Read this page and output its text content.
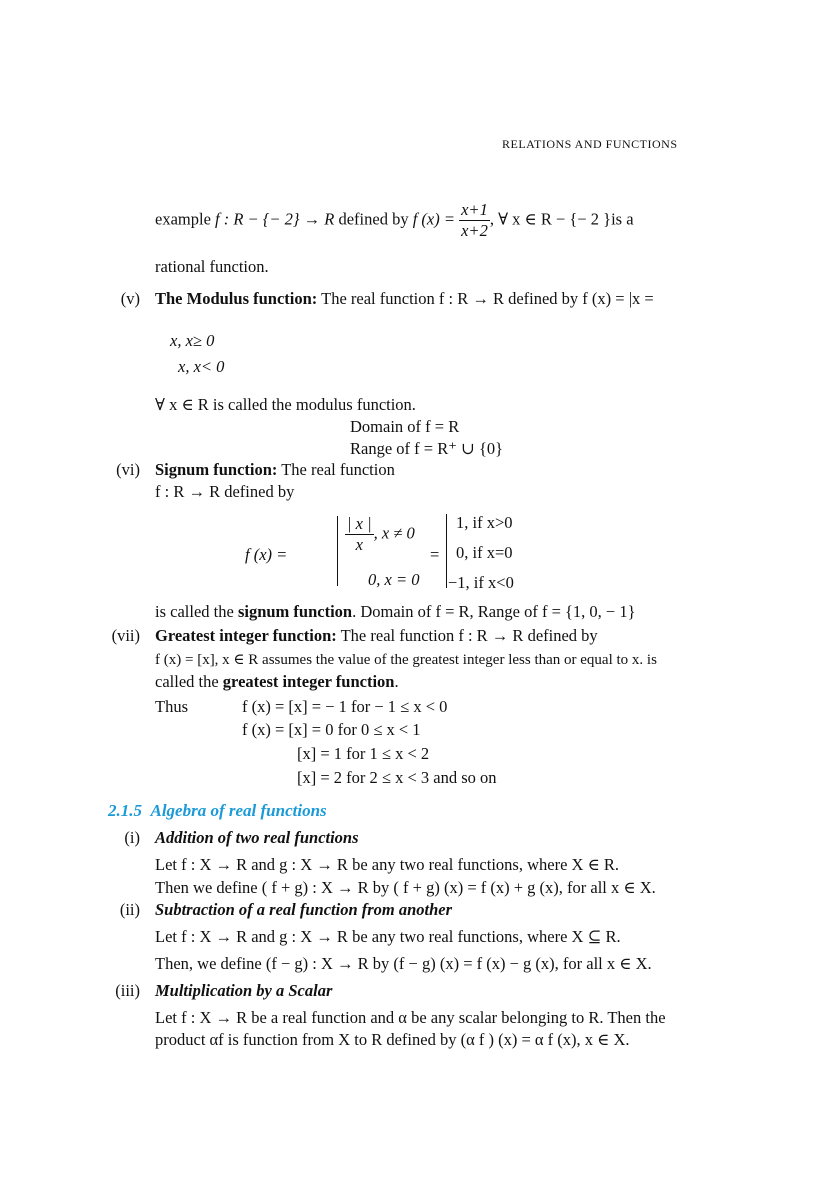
RELATIONS AND FUNCTIONS
example f : R − {− 2} → R defined by f $(x) = \frac{x+1}{x+2}$ , ∀ x ∈ R − {− 2 }is a
rational function.
(v) The Modulus function: The real function f : R → R defined by f (x) = |x =
x, x≥ 0
x, x< 0
∀ x ∈ R is called the modulus function.
Domain of f = R
Range of f = R⁺ ∪ {0}
(vi) Signum function: The real function
f : R → R defined by
f (x) =	$\frac{| x |}{x}$ , x ≠ 0
0, x = 0
=
1, if x>0
0, if x=0
−1, if x<0
is called the signum function. Domain of f = R, Range of f = {1, 0, − 1}
(vii) Greatest integer function: The real function f : R → R defined by
f (x) = [x], x ∈ R assumes the value of the greatest integer less than or equal to x. is
called the greatest integer function.
Thus	f (x) = [x] = − 1 for − 1 ≤ x < 0
f (x) = [x] = 0 for 0 ≤ x < 1
[x] = 1 for 1 ≤ x < 2
[x] = 2 for 2 ≤ x < 3 and so on
2.1.5 Algebra of real functions
(i) Addition of two real functions
Let f : X → R and g : X → R be any two real functions, where X ∈ R.
Then we define ( f + g) : X → R by ( f + g) (x) = f (x) + g (x), for all x ∈ X.
(ii) Subtraction of a real function from another
Let f : X → R and g : X → R be any two real functions, where X ⊆ R.
Then, we define (f − g) : X → R by (f − g) (x) = f (x) − g (x), for all x ∈ X.
(iii) Multiplication by a Scalar
Let f : X → R be a real function and α be any scalar belonging to R. Then the
product αf is function from X to R defined by (α f ) (x) = α f (x), x ∈ X.
